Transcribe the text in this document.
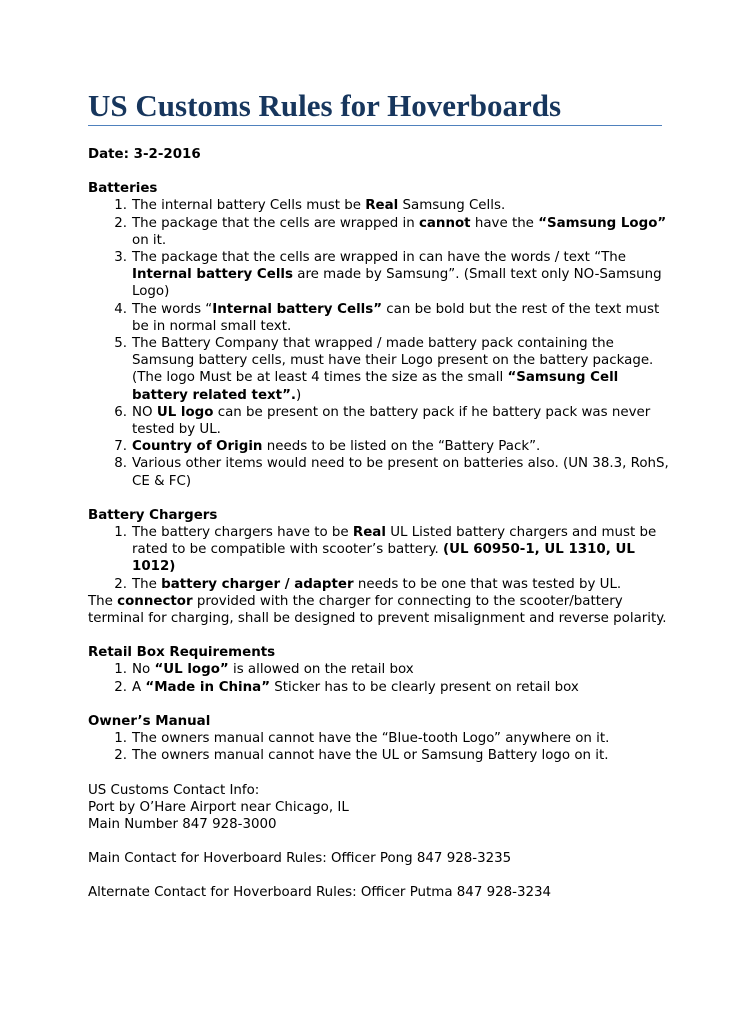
US Customs Rules for Hoverboards
Date: 3-2-2016
Batteries
1. The internal battery Cells must be Real Samsung Cells.
2. The package that the cells are wrapped in cannot have the “Samsung Logo” on it.
3. The package that the cells are wrapped in can have the words / text “The Internal battery Cells are made by Samsung”. (Small text only NO-Samsung Logo)
4. The words “Internal battery Cells” can be bold but the rest of the text must be in normal small text.
5. The Battery Company that wrapped / made battery pack containing the Samsung battery cells, must have their Logo present on the battery package. (The logo Must be at least 4 times the size as the small “Samsung Cell battery related text”.)
6. NO UL logo can be present on the battery pack if he battery pack was never tested by UL.
7. Country of Origin needs to be listed on the “Battery Pack”.
8. Various other items would need to be present on batteries also. (UN 38.3, RohS, CE & FC)
Battery Chargers
1. The battery chargers have to be Real UL Listed battery chargers and must be rated to be compatible with scooter’s battery. (UL 60950-1, UL 1310, UL 1012)
2. The battery charger / adapter needs to be one that was tested by UL.
The connector provided with the charger for connecting to the scooter/battery terminal for charging, shall be designed to prevent misalignment and reverse polarity.
Retail Box Requirements
1. No “UL logo” is allowed on the retail box
2. A “Made in China” Sticker has to be clearly present on retail box
Owner’s Manual
1. The owners manual cannot have the “Blue-tooth Logo” anywhere on it.
2. The owners manual cannot have the UL or Samsung Battery logo on it.
US Customs Contact Info:
Port by O’Hare Airport near Chicago, IL
Main Number 847 928-3000
Main Contact for Hoverboard Rules: Officer Pong 847 928-3235
Alternate Contact for Hoverboard Rules: Officer Putma 847 928-3234
